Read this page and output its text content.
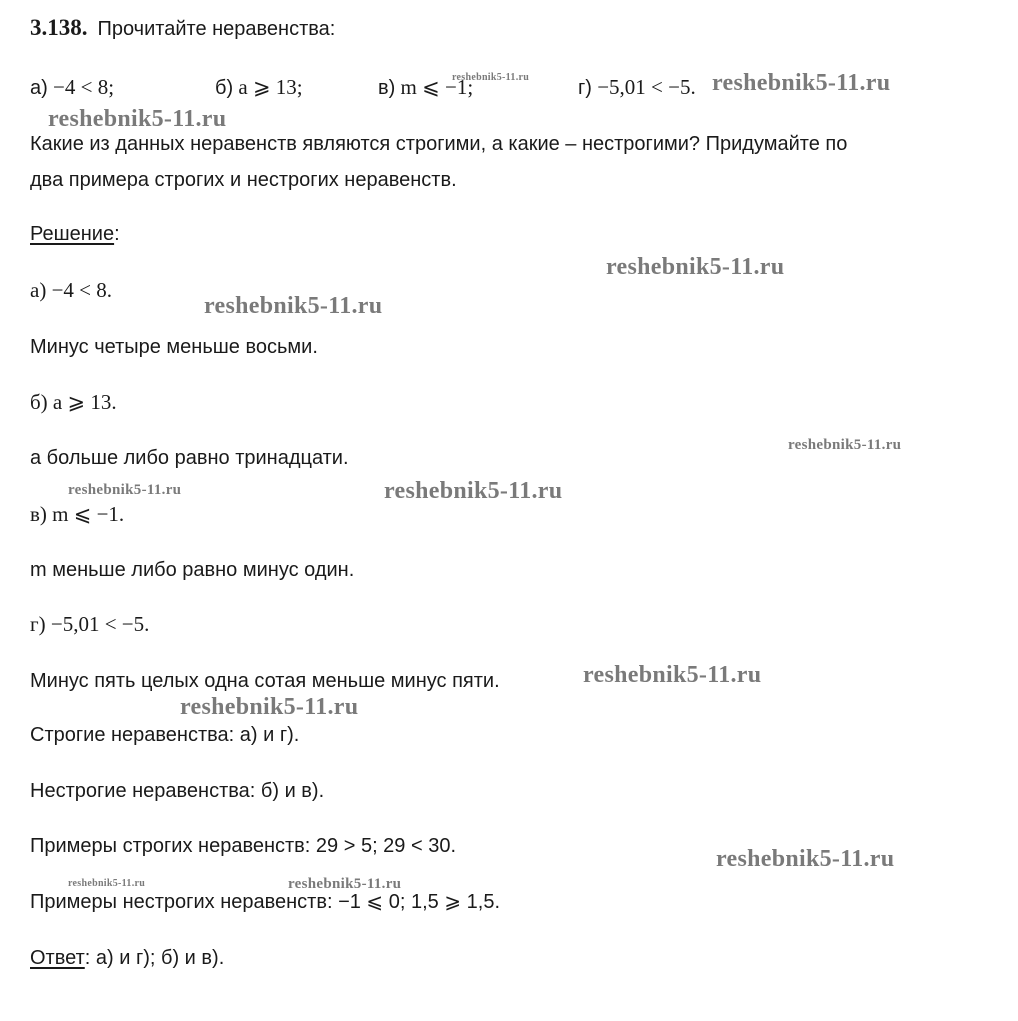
3.138. Прочитайте неравенства:

а) −4 < 8;	б) a ⩾ 13;	в) m ⩽ −1;	г) −5,01 < −5.

Какие из данных неравенств являются строгими, а какие – нестрогими? Придумайте по

два примера строгих и нестрогих неравенств.

Решение:

а) −4 < 8.

Минус четыре меньше восьми.

б) a ⩾ 13.

a больше либо равно тринадцати.

в) m ⩽ −1.

m меньше либо равно минус один.

г) −5,01 < −5.

Минус пять целых одна сотая меньше минус пяти.

Строгие неравенства: а) и г).

Нестрогие неравенства: б) и в).

Примеры строгих неравенств: 29 > 5; 29 < 30.

Примеры нестрогих неравенств: −1 ⩽ 0; 1,5 ⩾ 1,5.

Ответ: а) и г); б) и в).

reshebnik5-11.ru
reshebnik5-11.ru
reshebnik5-11.ru
reshebnik5-11.ru
reshebnik5-11.ru
reshebnik5-11.ru
reshebnik5-11.ru	reshebnik5-11.ru
reshebnik5-11.ru
reshebnik5-11.ru
reshebnik5-11.ru
reshebnik5-11.ru	reshebnik5-11.ru
